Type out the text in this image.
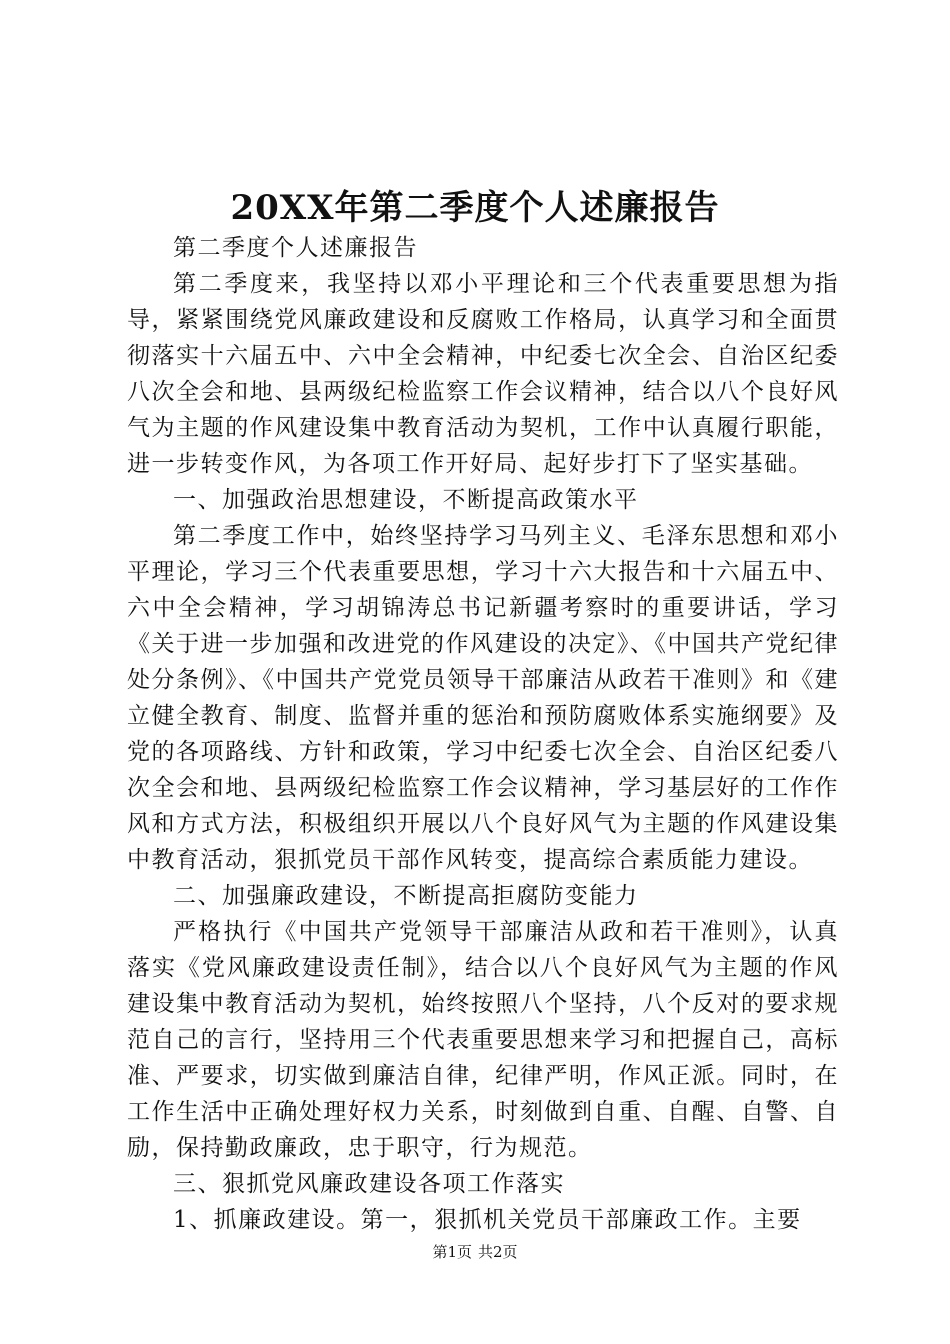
20XX年第二季度个人述廉报告

第二季度个人述廉报告

第二季度来，我坚持以邓小平理论和三个代表重要思想为指导，紧紧围绕党风廉政建设和反腐败工作格局，认真学习和全面贯彻落实十六届五中、六中全会精神，中纪委七次全会、自治区纪委八次全会和地、县两级纪检监察工作会议精神，结合以八个良好风气为主题的作风建设集中教育活动为契机，工作中认真履行职能，进一步转变作风，为各项工作开好局、起好步打下了坚实基础。

一、加强政治思想建设，不断提高政策水平

第二季度工作中，始终坚持学习马列主义、毛泽东思想和邓小平理论，学习三个代表重要思想，学习十六大报告和十六届五中、六中全会精神，学习胡锦涛总书记新疆考察时的重要讲话，学习《关于进一步加强和改进党的作风建设的决定》、《中国共产党纪律处分条例》、《中国共产党党员领导干部廉洁从政若干准则》和《建立健全教育、制度、监督并重的惩治和预防腐败体系实施纲要》及党的各项路线、方针和政策，学习中纪委七次全会、自治区纪委八次全会和地、县两级纪检监察工作会议精神，学习基层好的工作作风和方式方法，积极组织开展以八个良好风气为主题的作风建设集中教育活动，狠抓党员干部作风转变，提高综合素质能力建设。

二、加强廉政建设，不断提高拒腐防变能力

严格执行《中国共产党领导干部廉洁从政和若干准则》，认真落实《党风廉政建设责任制》，结合以八个良好风气为主题的作风建设集中教育活动为契机，始终按照八个坚持，八个反对的要求规范自己的言行，坚持用三个代表重要思想来学习和把握自己，高标准、严要求，切实做到廉洁自律，纪律严明，作风正派。同时，在工作生活中正确处理好权力关系，时刻做到自重、自醒、自警、自励，保持勤政廉政，忠于职守，行为规范。

三、狠抓党风廉政建设各项工作落实

1、抓廉政建设。第一，狠抓机关党员干部廉政工作。主要

第1页 共2页
